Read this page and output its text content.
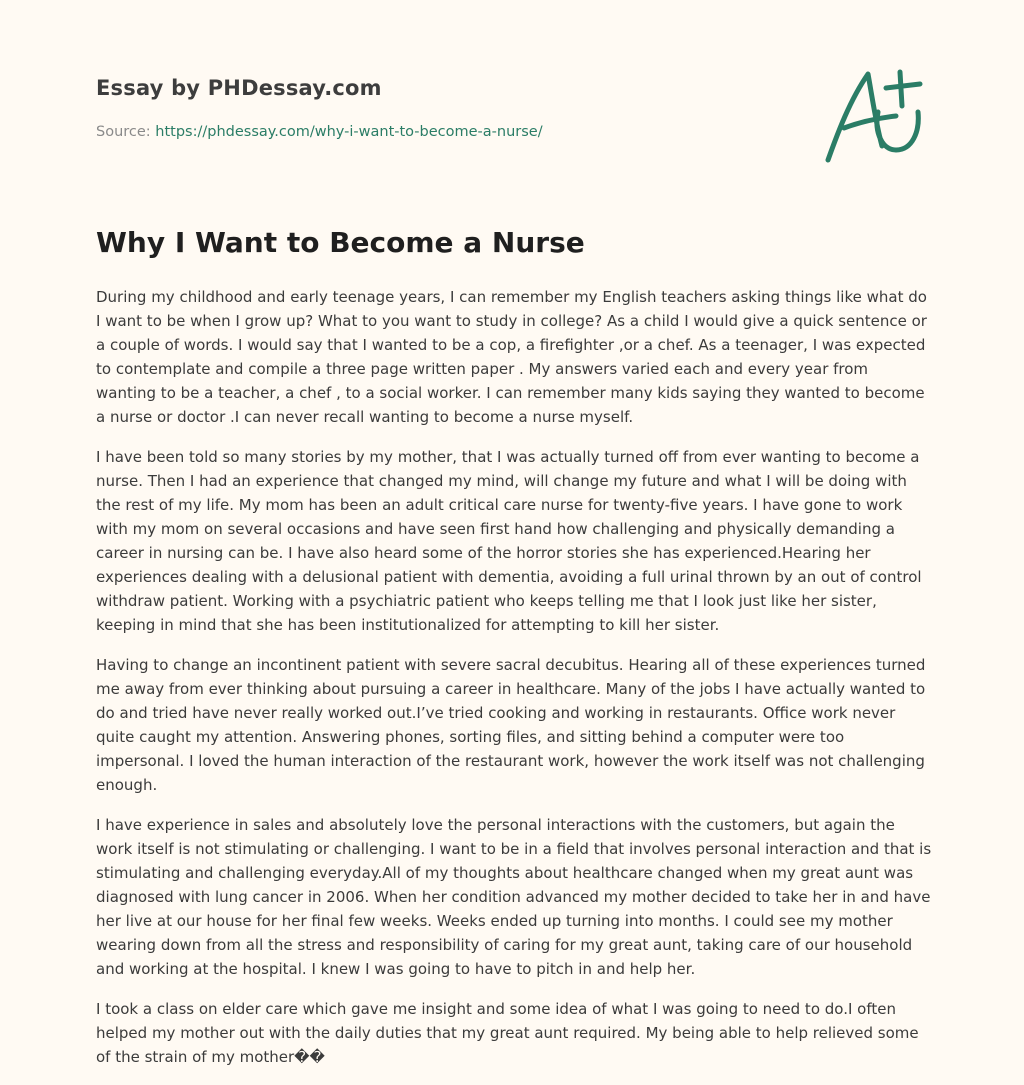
Essay by PHDessay.com
Source: https://phdessay.com/why-i-want-to-become-a-nurse/
Why I Want to Become a Nurse

During my childhood and early teenage years, I can remember my English teachers asking things like what do I want to be when I grow up? What to you want to study in college? As a child I would give a quick sentence or a couple of words. I would say that I wanted to be a cop, a firefighter ,or a chef. As a teenager, I was expected to contemplate and compile a three page written paper . My answers varied each and every year from wanting to be a teacher, a chef , to a social worker. I can remember many kids saying they wanted to become a nurse or doctor .I can never recall wanting to become a nurse myself.

I have been told so many stories by my mother, that I was actually turned off from ever wanting to become a nurse. Then I had an experience that changed my mind, will change my future and what I will be doing with the rest of my life. My mom has been an adult critical care nurse for twenty-five years. I have gone to work with my mom on several occasions and have seen first hand how challenging and physically demanding a career in nursing can be. I have also heard some of the horror stories she has experienced.Hearing her experiences dealing with a delusional patient with dementia, avoiding a full urinal thrown by an out of control withdraw patient. Working with a psychiatric patient who keeps telling me that I look just like her sister, keeping in mind that she has been institutionalized for attempting to kill her sister.

Having to change an incontinent patient with severe sacral decubitus. Hearing all of these experiences turned me away from ever thinking about pursuing a career in healthcare. Many of the jobs I have actually wanted to do and tried have never really worked out.I’ve tried cooking and working in restaurants. Office work never quite caught my attention. Answering phones, sorting files, and sitting behind a computer were too impersonal. I loved the human interaction of the restaurant work, however the work itself was not challenging enough.

I have experience in sales and absolutely love the personal interactions with the customers, but again the work itself is not stimulating or challenging. I want to be in a field that involves personal interaction and that is stimulating and challenging everyday.All of my thoughts about healthcare changed when my great aunt was diagnosed with lung cancer in 2006. When her condition advanced my mother decided to take her in and have her live at our house for her final few weeks. Weeks ended up turning into months. I could see my mother wearing down from all the stress and responsibility of caring for my great aunt, taking care of our household and working at the hospital. I knew I was going to have to pitch in and help her.

I took a class on elder care which gave me insight and some idea of what I was going to need to do.I often helped my mother out with the daily duties that my great aunt required. My being able to help relieved some of the strain of my mother��
